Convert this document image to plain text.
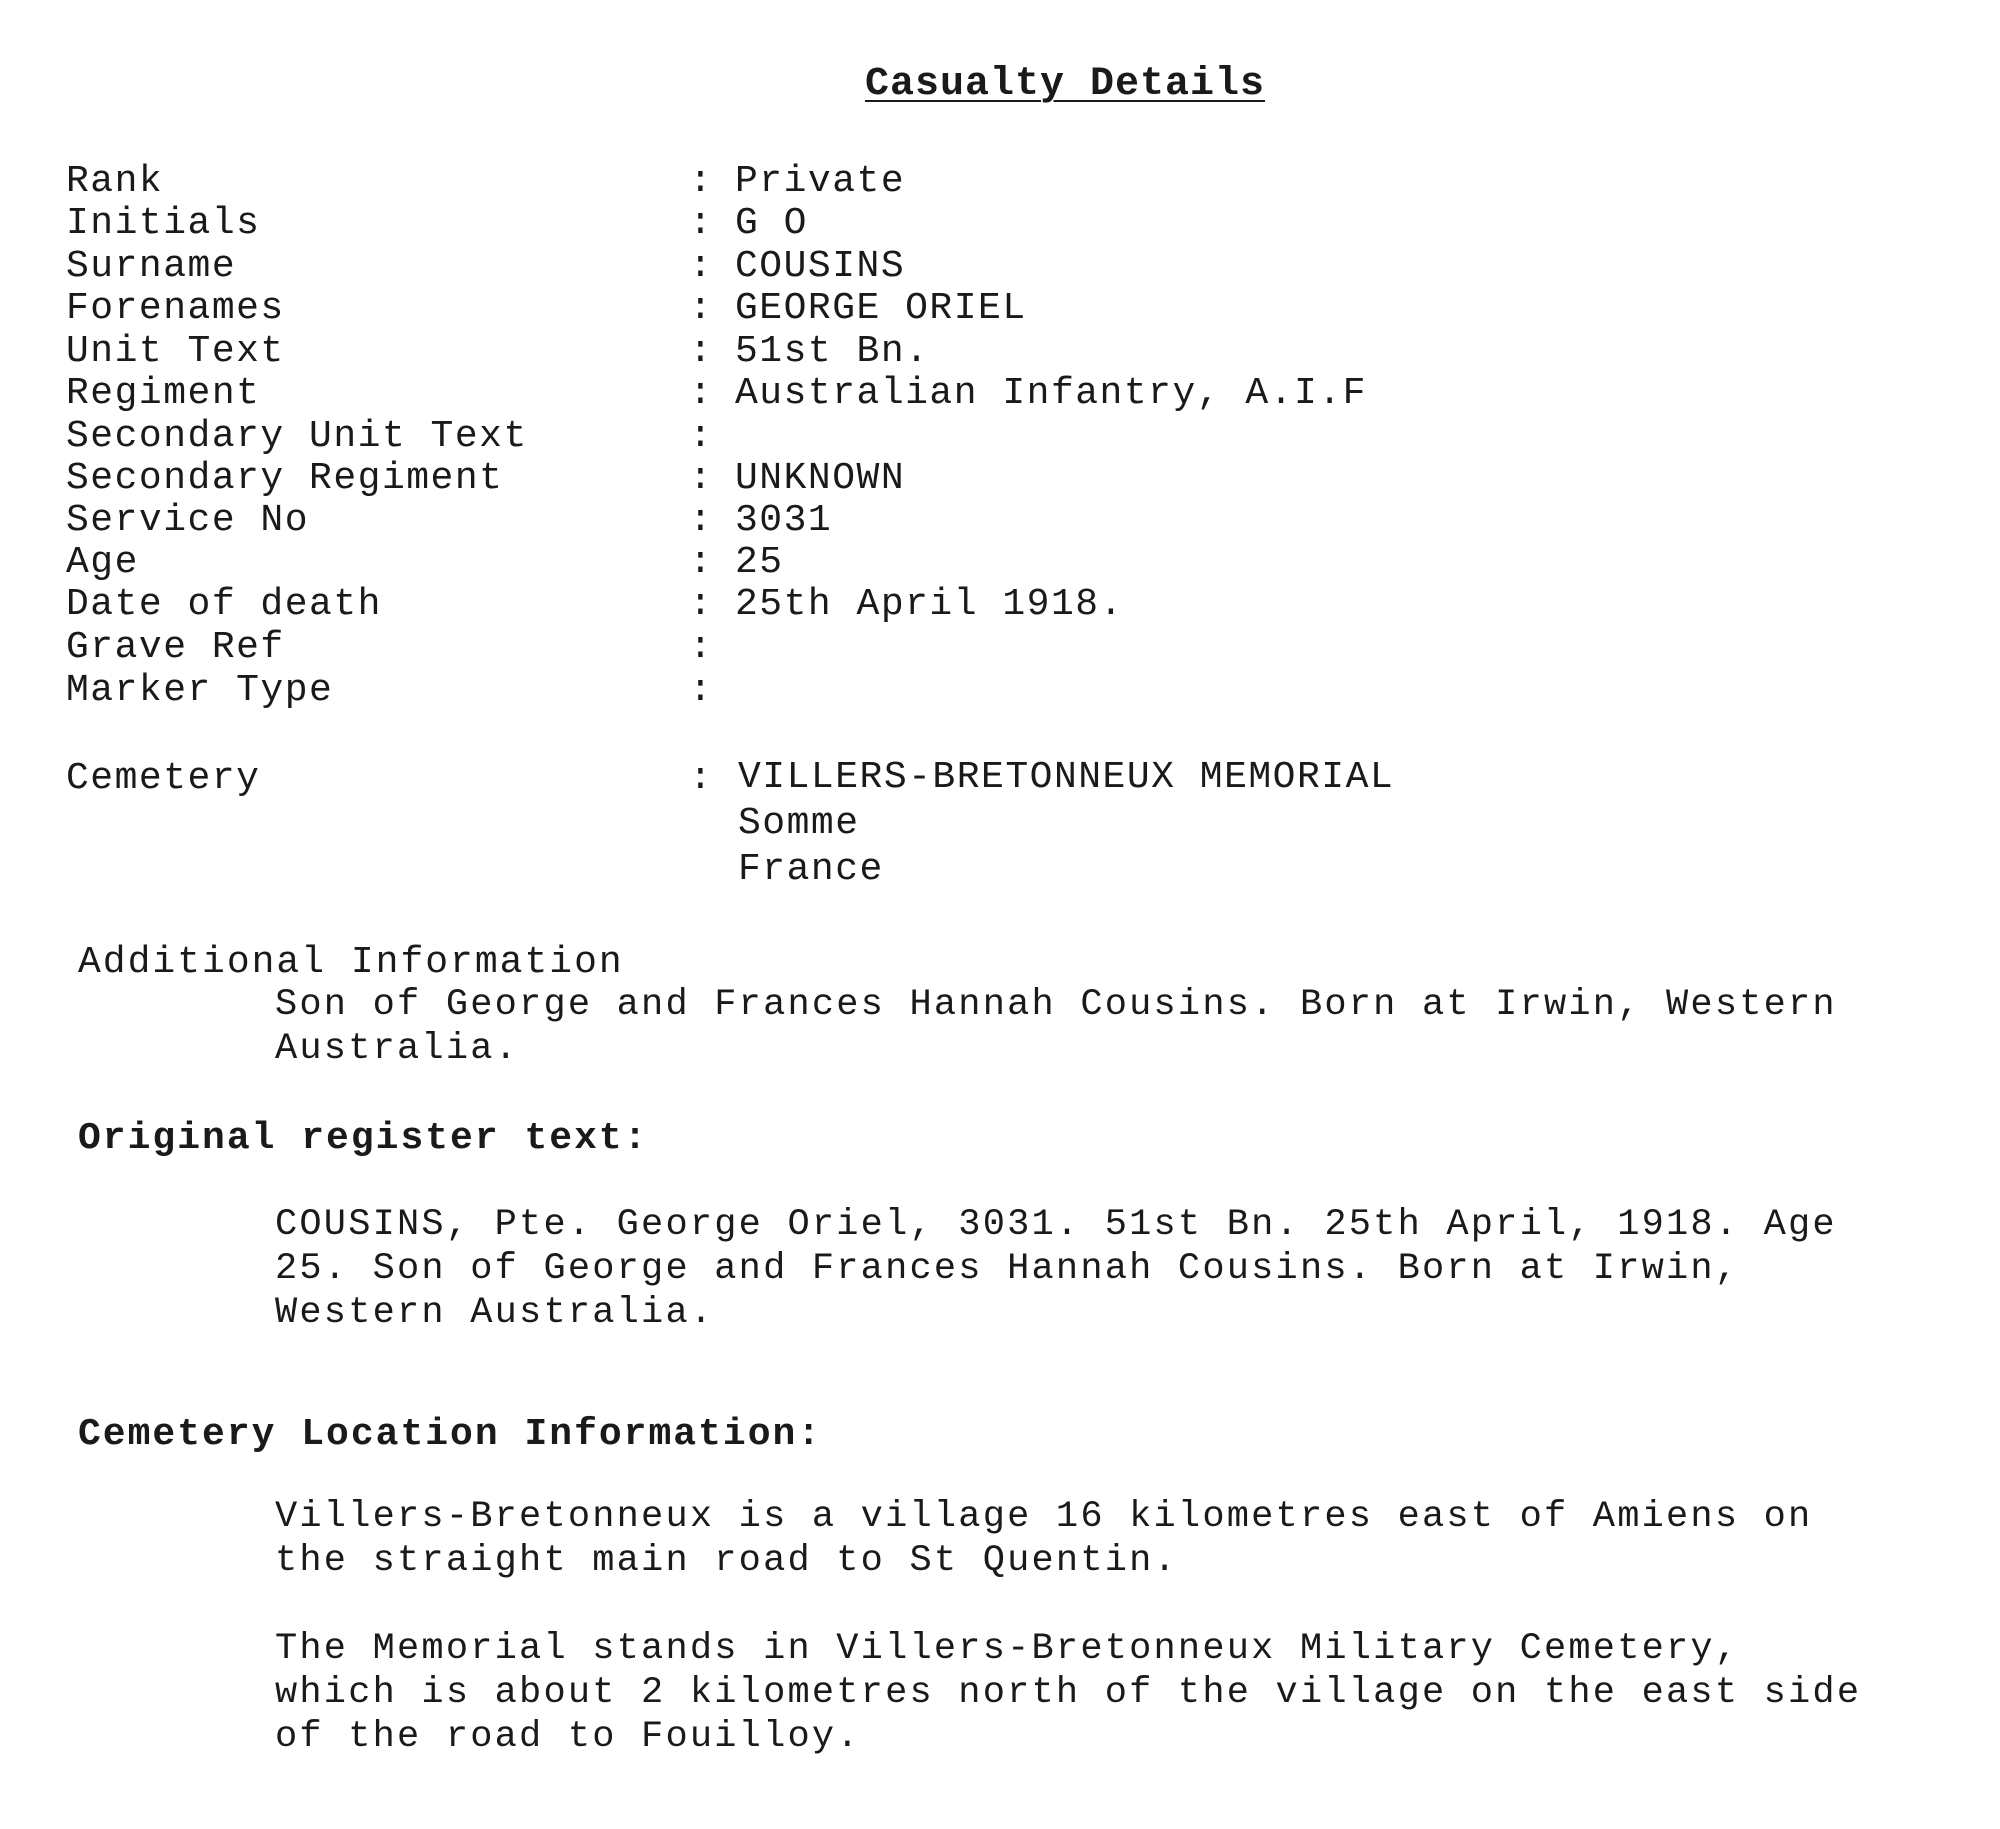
Casualty Details
Rank	: Private
Initials	: G O
Surname	: COUSINS
Forenames	: GEORGE ORIEL
Unit Text	: 51st Bn.
Regiment	: Australian Infantry, A.I.F
Secondary Unit Text	:
Secondary Regiment	: UNKNOWN
Service No	: 3031
Age	: 25
Date of death	: 25th April 1918.
Grave Ref	:
Marker Type	:
Cemetery	: VILLERS-BRETONNEUX MEMORIAL
Somme
France
Additional Information
Son of George and Frances Hannah Cousins. Born at Irwin, Western
Australia.
Original register text:
COUSINS, Pte. George Oriel, 3031. 51st Bn. 25th April, 1918. Age
25. Son of George and Frances Hannah Cousins. Born at Irwin,
Western Australia.
Cemetery Location Information:
Villers-Bretonneux is a village 16 kilometres east of Amiens on
the straight main road to St Quentin.
The Memorial stands in Villers-Bretonneux Military Cemetery,
which is about 2 kilometres north of the village on the east side
of the road to Fouilloy.
